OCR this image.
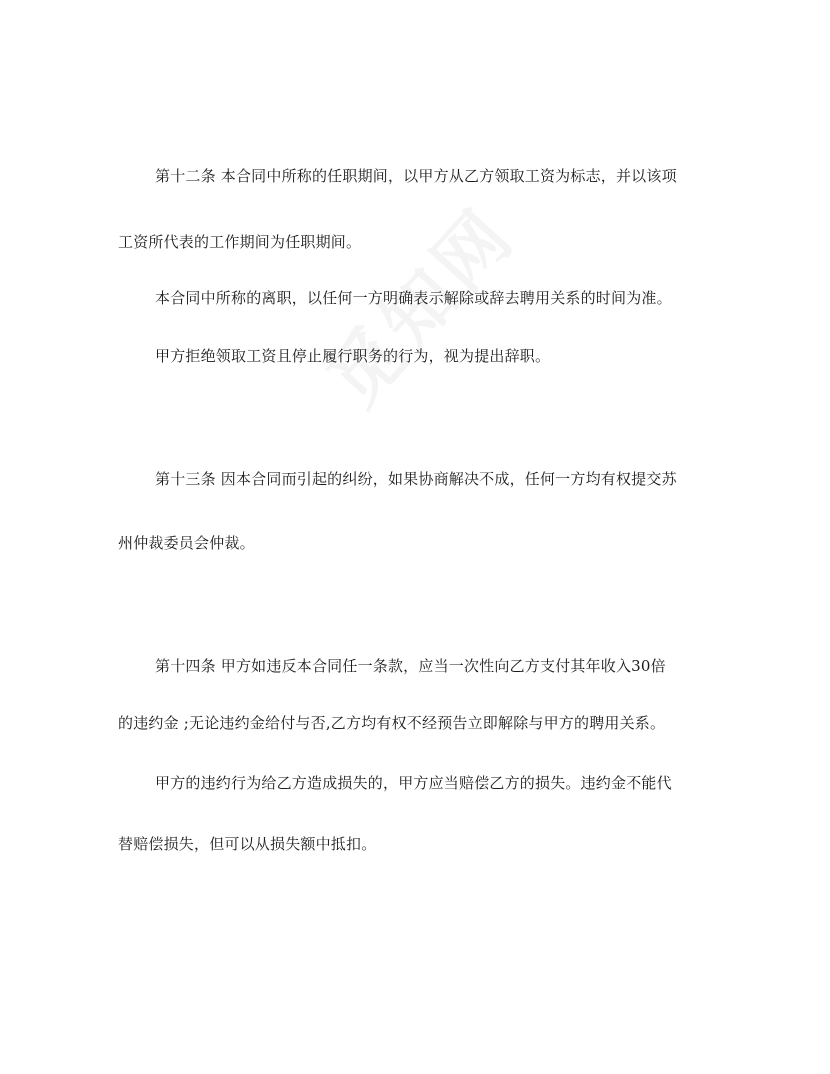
第十二条 本合同中所称的任职期间，以甲方从乙方领取工资为标志，并以该项
工资所代表的工作期间为任职期间。
本合同中所称的离职，以任何一方明确表示解除或辞去聘用关系的时间为准。
甲方拒绝领取工资且停止履行职务的行为，视为提出辞职。
第十三条 因本合同而引起的纠纷，如果协商解决不成，任何一方均有权提交苏
州仲裁委员会仲裁。
第十四条 甲方如违反本合同任一条款，应当一次性向乙方支付其年收入30倍
的违约金 ;无论违约金给付与否,乙方均有权不经预告立即解除与甲方的聘用关系。
甲方的违约行为给乙方造成损失的，甲方应当赔偿乙方的损失。违约金不能代
替赔偿损失，但可以从损失额中抵扣。
